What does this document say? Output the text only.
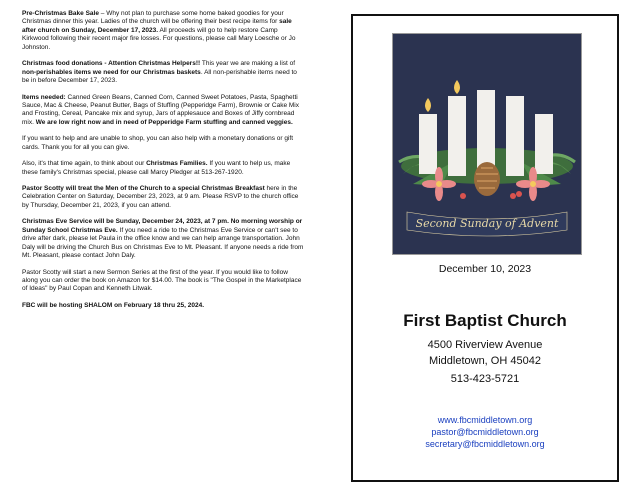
Pre-Christmas Bake Sale – Why not plan to purchase some home baked goodies for your Christmas dinner this year. Ladies of the church will be offering their best recipe items for sale after church on Sunday, December 17, 2023. All proceeds will go to help restore Camp Kirkwood following their recent major fire losses. For questions, please call Mary Loesche or Jo Johnston.

Christmas food donations - Attention Christmas Helpers!! This year we are making a list of non-perishables items we need for our Christmas baskets. All non-perishable items need to be in before December 17, 2023.

Items needed: Canned Green Beans, Canned Corn, Canned Sweet Potatoes, Pasta, Spaghetti Sauce, Mac & Cheese, Peanut Butter, Bags of Stuffing (Pepperidge Farm), Brownie or Cake Mix and Frosting, Cereal, Pancake mix and syrup, Jars of applesauce and Boxes of Jiffy cornbread mix. We are low right now and in need of Pepperidge Farm stuffing and canned veggies.

If you want to help and are unable to shop, you can also help with a monetary donations or gift cards. Thank you for all you can give.

Also, it's that time again, to think about our Christmas Families. If you want to help us, make these family's Christmas special, please call Marcy Pledger at 513-267-1920.

Pastor Scotty will treat the Men of the Church to a special Christmas Breakfast here in the Celebration Center on Saturday, December 23, 2023, at 9 am. Please RSVP to the church office by Thursday, December 21, 2023, if you can attend.

Christmas Eve Service will be Sunday, December 24, 2023, at 7 pm. No morning worship or Sunday School Christmas Eve. If you need a ride to the Christmas Eve Service or can't see to drive after dark, please let Paula in the office know and we can help arrange transportation. John Daly will be driving the Church Bus on Christmas Eve to Mt. Pleasant. If anyone needs a ride from Mt. Pleasant, please contact John Daly.

Pastor Scotty will start a new Sermon Series at the first of the year. If you would like to follow along you can order the book on Amazon for $14.00. The book is "The Gospel in the Marketplace of Ideas" by Paul Copan and Kenneth Litwak.

FBC will be hosting SHALOM on February 18 thru 25, 2024.

Second Sunday of Advent
December 10, 2023
First Baptist Church
4500 Riverview Avenue
Middletown, OH 45042
513-423-5721
www.fbcmiddletown.org
pastor@fbcmiddletown.org
secretary@fbcmiddletown.org
